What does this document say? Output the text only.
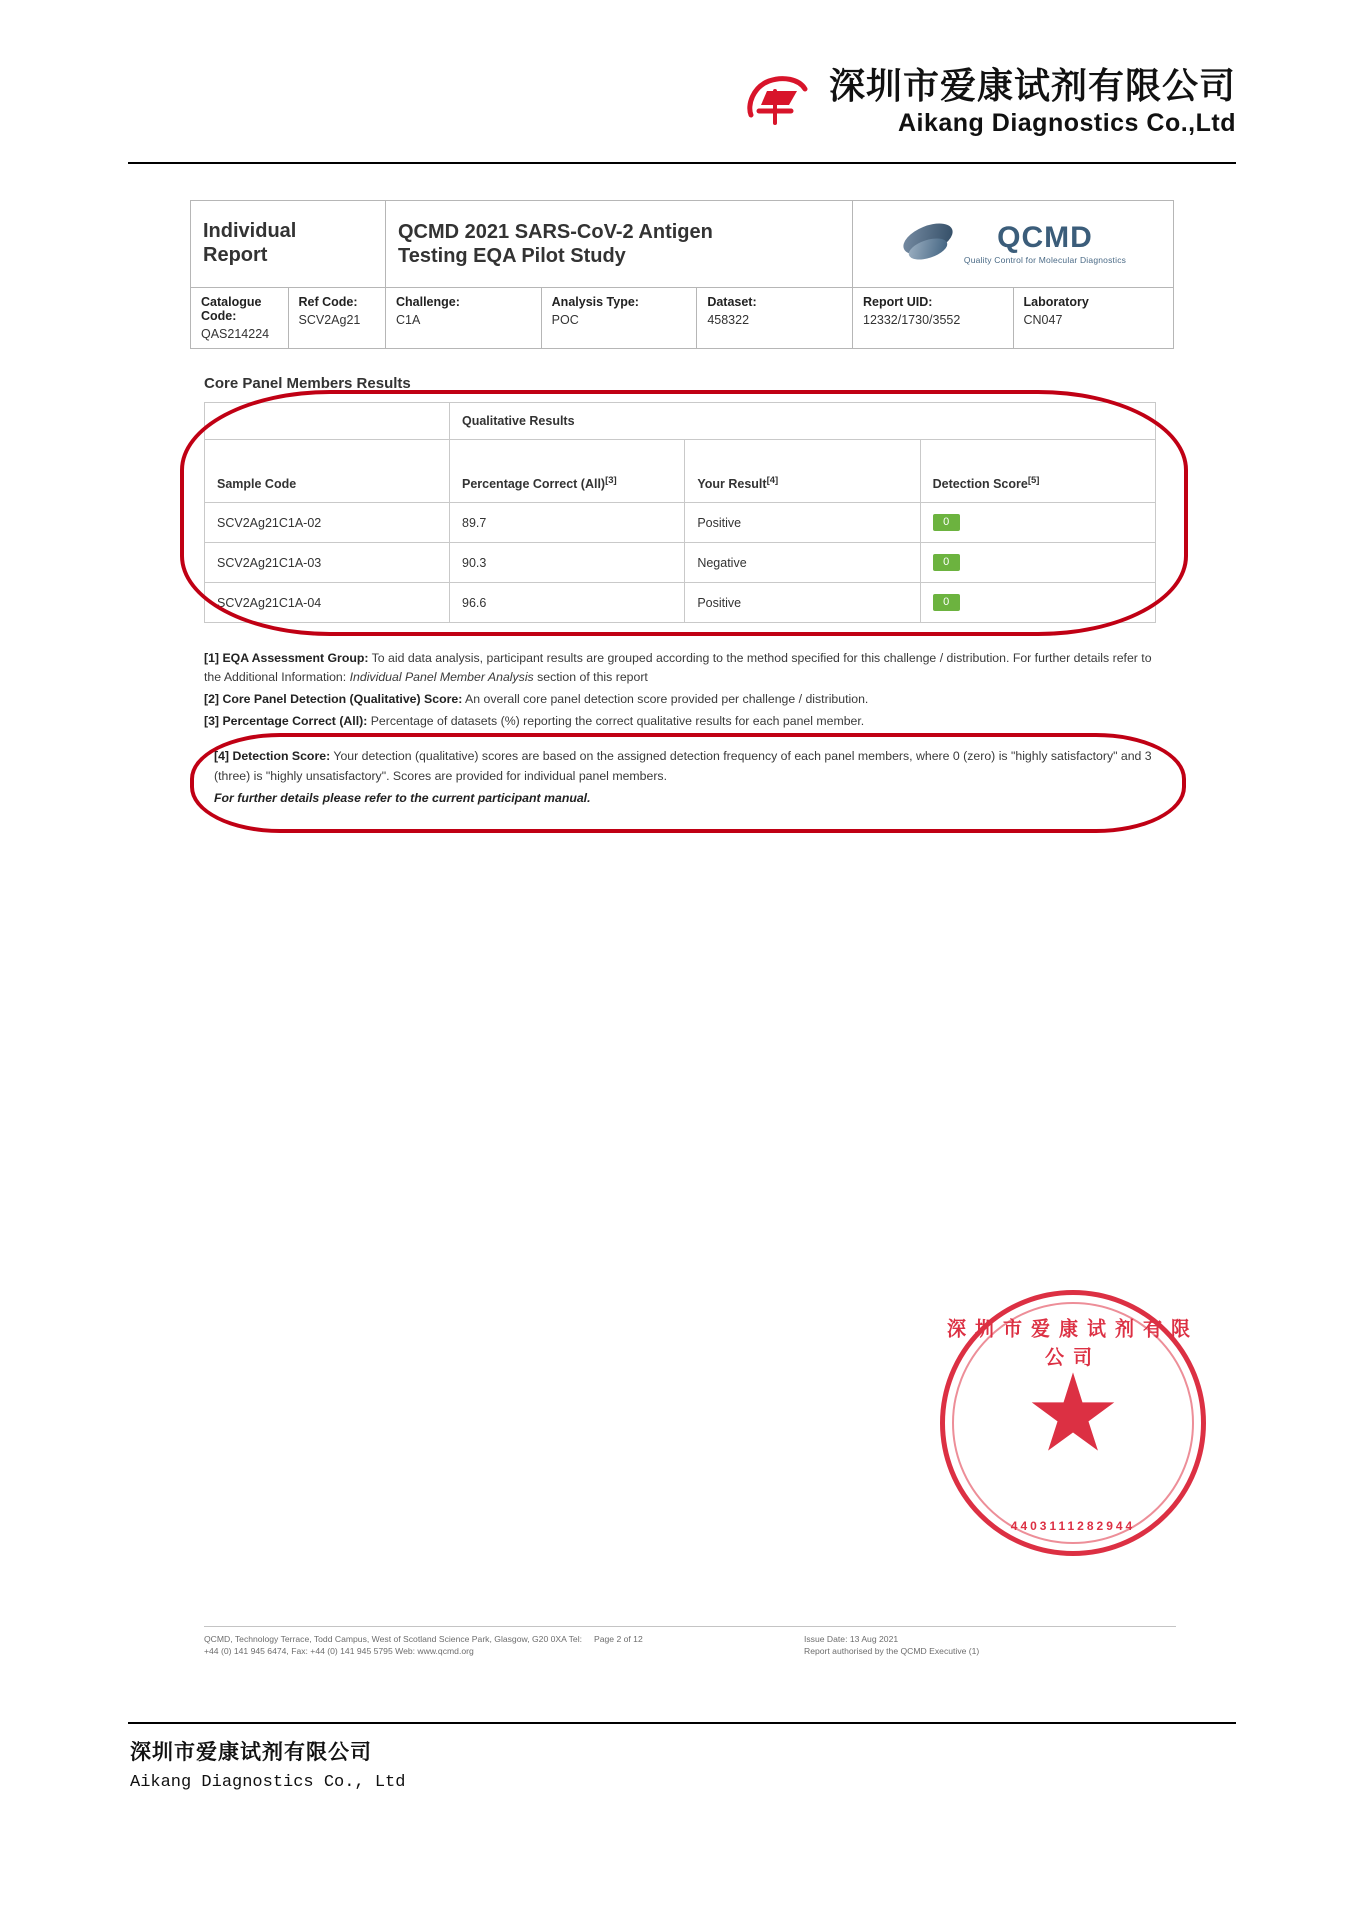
深圳市爱康试剂有限公司
Aikang Diagnostics Co.,Ltd
Individual
Report

QCMD 2021 SARS-CoV-2 Antigen
Testing EQA Pilot Study

QCMD
Quality Control for Molecular Diagnostics

Catalogue Code:
QAS214224	Ref Code:
SCV2Ag21	Challenge:
C1A	Analysis Type:
POC	Dataset:
458322	Report UID:
12332/1730/3552	Laboratory
CN047
Core Panel Members Results
	Qualitative Results		
Sample Code	Percentage Correct (All)[3]	Your Result[4]	Detection Score[5]
SCV2Ag21C1A-02	89.7	Positive	0
SCV2Ag21C1A-03	90.3	Negative	0
SCV2Ag21C1A-04	96.6	Positive	0

[1] EQA Assessment Group: To aid data analysis, participant results are grouped according to the method specified for this challenge / distribution. For further details refer to the Additional Information: Individual Panel Member Analysis section of this report

[2] Core Panel Detection (Qualitative) Score: An overall core panel detection score provided per challenge / distribution.

[3] Percentage Correct (All): Percentage of datasets (%) reporting the correct qualitative results for each panel member.

[4] Detection Score: Your detection (qualitative) scores are based on the assigned detection frequency of each panel members, where 0 (zero) is "highly satisfactory" and 3 (three) is "highly unsatisfactory". Scores are provided for individual panel members.

For further details please refer to the current participant manual.

深圳市爱康试剂有限公司
4403111282944
QCMD, Technology Terrace, Todd Campus, West of Scotland Science Park, Glasgow, G20 0XA Tel: +44 (0) 141 945 6474, Fax: +44 (0) 141 945 5795 Web: www.qcmd.org
Page 2 of 12	Issue Date: 13 Aug 2021
Report authorised by the QCMD Executive (1)
深圳市爱康试剂有限公司
Aikang Diagnostics Co., Ltd
